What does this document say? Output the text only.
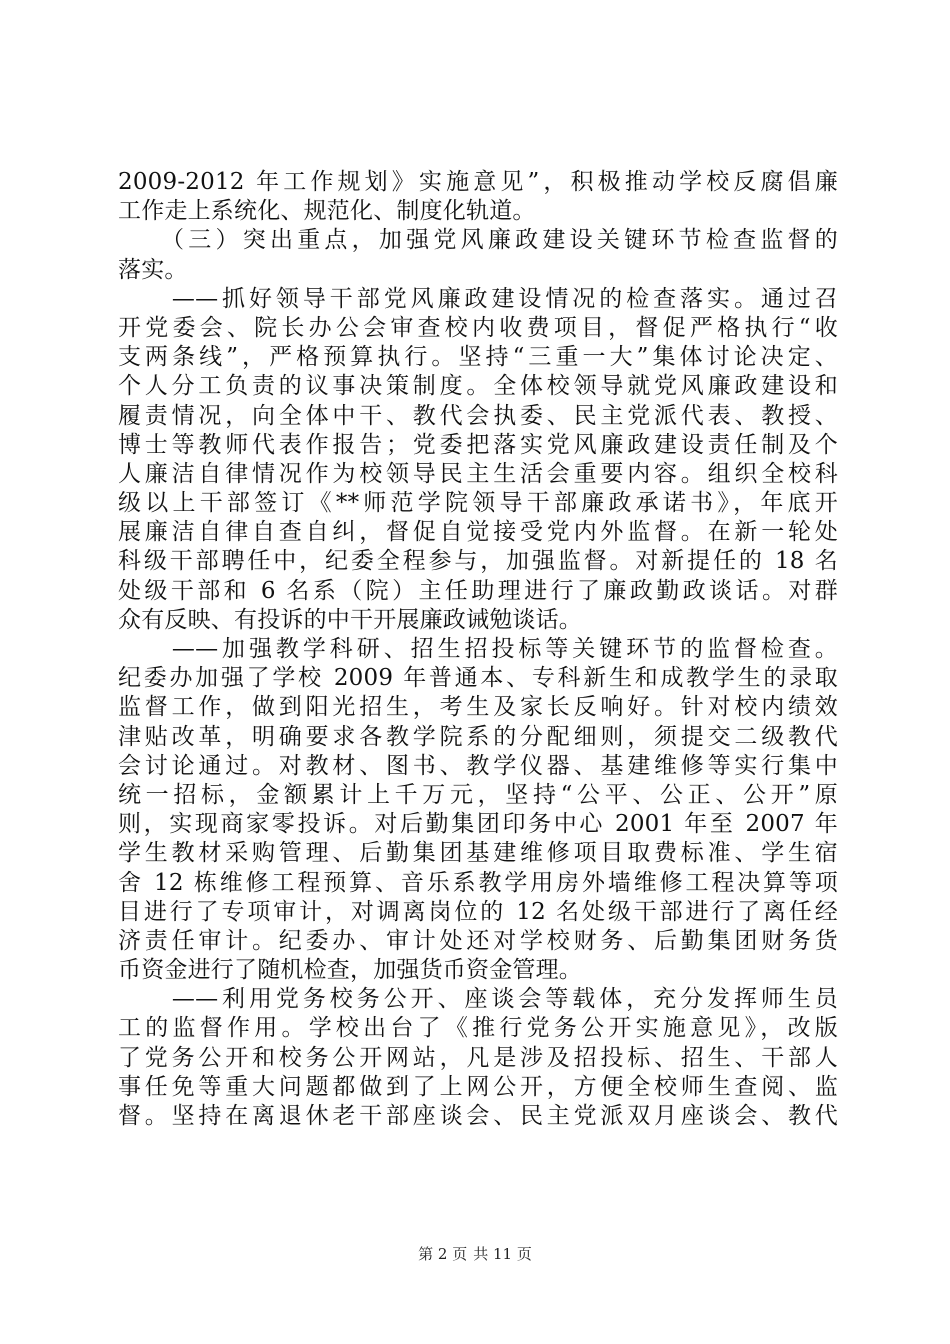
2009-2012 年工作规划》实施意见”，积极推动学校反腐倡廉
工作走上系统化、规范化、制度化轨道。
　　（三）突出重点，加强党风廉政建设关键环节检查监督的
落实。
　　——抓好领导干部党风廉政建设情况的检查落实。通过召
开党委会、院长办公会审查校内收费项目，督促严格执行“收
支两条线”，严格预算执行。坚持“三重一大”集体讨论决定、
个人分工负责的议事决策制度。全体校领导就党风廉政建设和
履责情况，向全体中干、教代会执委、民主党派代表、教授、
博士等教师代表作报告；党委把落实党风廉政建设责任制及个
人廉洁自律情况作为校领导民主生活会重要内容。组织全校科
级以上干部签订《**师范学院领导干部廉政承诺书》，年底开
展廉洁自律自查自纠，督促自觉接受党内外监督。在新一轮处
科级干部聘任中，纪委全程参与，加强监督。对新提任的 18 名
处级干部和 6 名系（院）主任助理进行了廉政勤政谈话。对群
众有反映、有投诉的中干开展廉政诫勉谈话。
　　——加强教学科研、招生招投标等关键环节的监督检查。
纪委办加强了学校 2009 年普通本、专科新生和成教学生的录取
监督工作，做到阳光招生，考生及家长反响好。针对校内绩效
津贴改革，明确要求各教学院系的分配细则，须提交二级教代
会讨论通过。对教材、图书、教学仪器、基建维修等实行集中
统一招标，金额累计上千万元，坚持“公平、公正、公开”原
则，实现商家零投诉。对后勤集团印务中心 2001 年至 2007 年
学生教材采购管理、后勤集团基建维修项目取费标准、学生宿
舍 12 栋维修工程预算、音乐系教学用房外墙维修工程决算等项
目进行了专项审计，对调离岗位的 12 名处级干部进行了离任经
济责任审计。纪委办、审计处还对学校财务、后勤集团财务货
币资金进行了随机检查，加强货币资金管理。
　　——利用党务校务公开、座谈会等载体，充分发挥师生员
工的监督作用。学校出台了《推行党务公开实施意见》，改版
了党务公开和校务公开网站，凡是涉及招投标、招生、干部人
事任免等重大问题都做到了上网公开，方便全校师生查阅、监
督。坚持在离退休老干部座谈会、民主党派双月座谈会、教代
第 2 页 共 11 页
